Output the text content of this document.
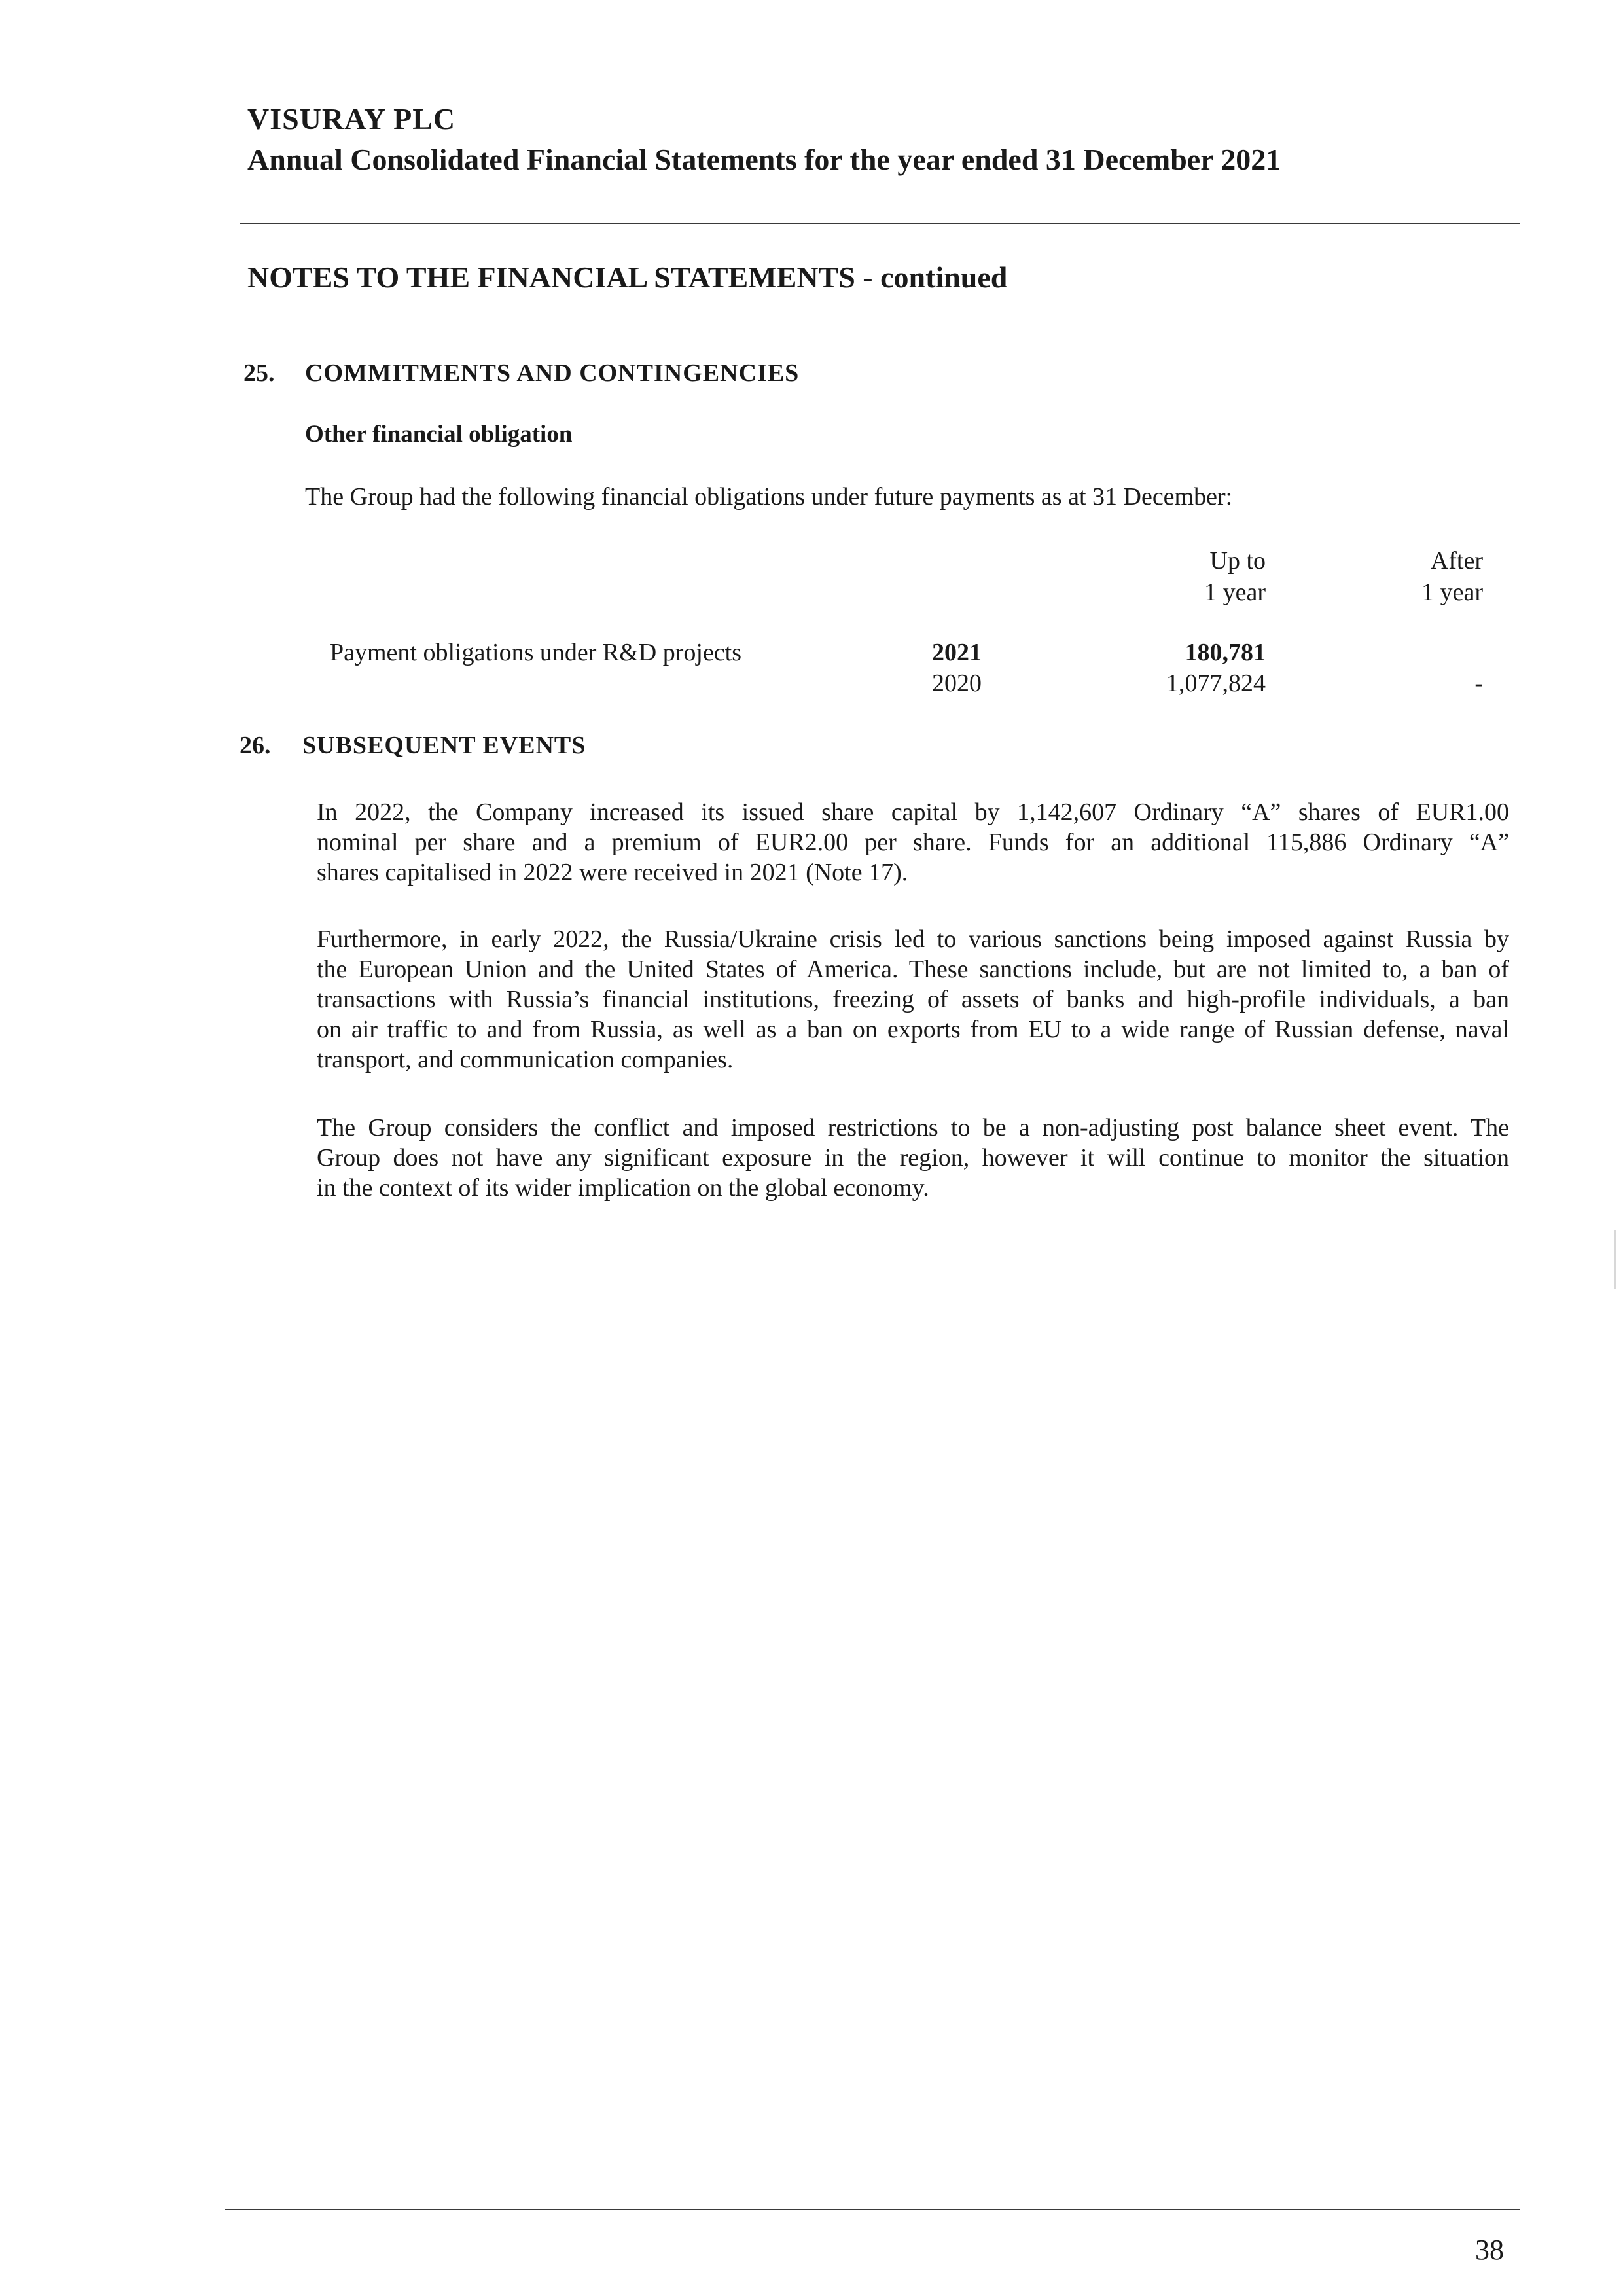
VISURAY PLC
Annual Consolidated Financial Statements for the year ended 31 December 2021
NOTES TO THE FINANCIAL STATEMENTS - continued
25. COMMITMENTS AND CONTINGENCIES
Other financial obligation
The Group had the following financial obligations under future payments as at 31 December:
Up to
1 year
After
1 year
Payment obligations under R&D projects	2021	180,781
2020	1,077,824	-
26. SUBSEQUENT EVENTS
In 2022, the Company increased its issued share capital by 1,142,607 Ordinary “A” shares of EUR1.00
nominal per share and a premium of EUR2.00 per share. Funds for an additional 115,886 Ordinary “A”
shares capitalised in 2022 were received in 2021 (Note 17).
Furthermore, in early 2022, the Russia/Ukraine crisis led to various sanctions being imposed against Russia by
the European Union and the United States of America. These sanctions include, but are not limited to, a ban of
transactions with Russia’s financial institutions, freezing of assets of banks and high-profile individuals, a ban
on air traffic to and from Russia, as well as a ban on exports from EU to a wide range of Russian defense, naval
transport, and communication companies.
The Group considers the conflict and imposed restrictions to be a non-adjusting post balance sheet event. The
Group does not have any significant exposure in the region, however it will continue to monitor the situation
in the context of its wider implication on the global economy.
38
